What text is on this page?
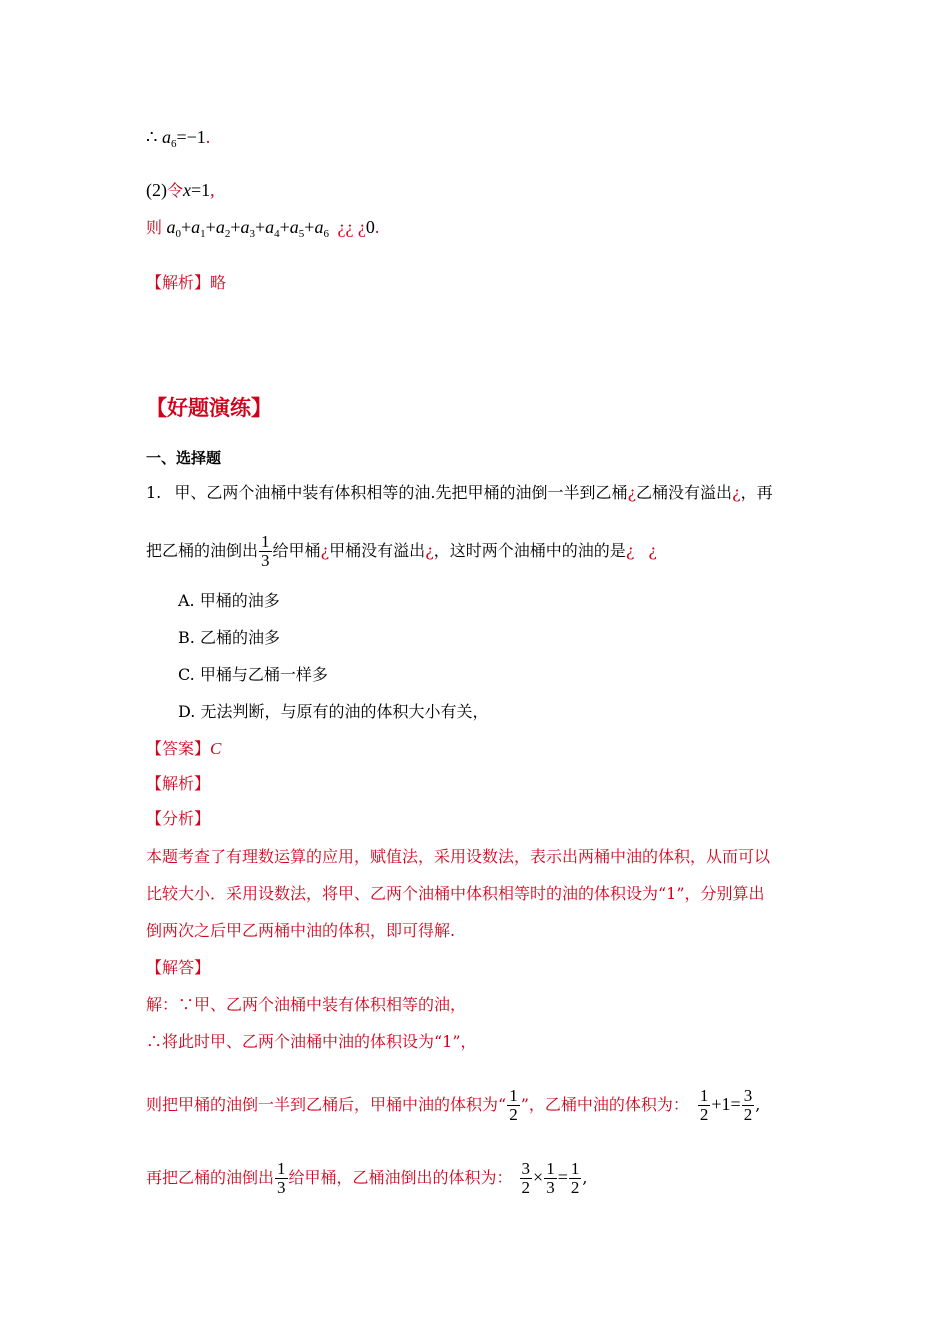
∴ $a_6=-1$.
(2)令x=1,
则 $a_0+a_1+a_2+a_3+a_4+a_5+a_6$ ¿¿ ¿0.
【解析】略
【好题演练】
一、选择题
1. 甲、乙两个油桶中装有体积相等的油.先把甲桶的油倒一半到乙桶¿乙桶没有溢出¿，再
把乙桶的油倒出 $\frac{1}{3}$ 给甲桶¿甲桶没有溢出¿，这时两个油桶中的油的是¿ ¿
A. 甲桶的油多
B. 乙桶的油多
C. 甲桶与乙桶一样多
D. 无法判断，与原有的油的体积大小有关，
【答案】C
【解析】
【分析】
本题考查了有理数运算的应用，赋值法，采用设数法，表示出两桶中油的体积，从而可以
比较大小．采用设数法，将甲、乙两个油桶中体积相等时的油的体积设为“1”，分别算出
倒两次之后甲乙两桶中油的体积，即可得解.
【解答】
解：∵甲、乙两个油桶中装有体积相等的油，
∴将此时甲、乙两个油桶中油的体积设为“1”，
则把甲桶的油倒一半到乙桶后，甲桶中油的体积为“ $\frac{1}{2}$ ”，乙桶中油的体积为： $\frac{1}{2} +1= \frac{3}{2}$ ,
再把乙桶的油倒出 $\frac{1}{3}$ 给甲桶，乙桶油倒出的体积为： $\frac{3}{2} \times \frac{1}{3} = \frac{1}{2}$ ,
